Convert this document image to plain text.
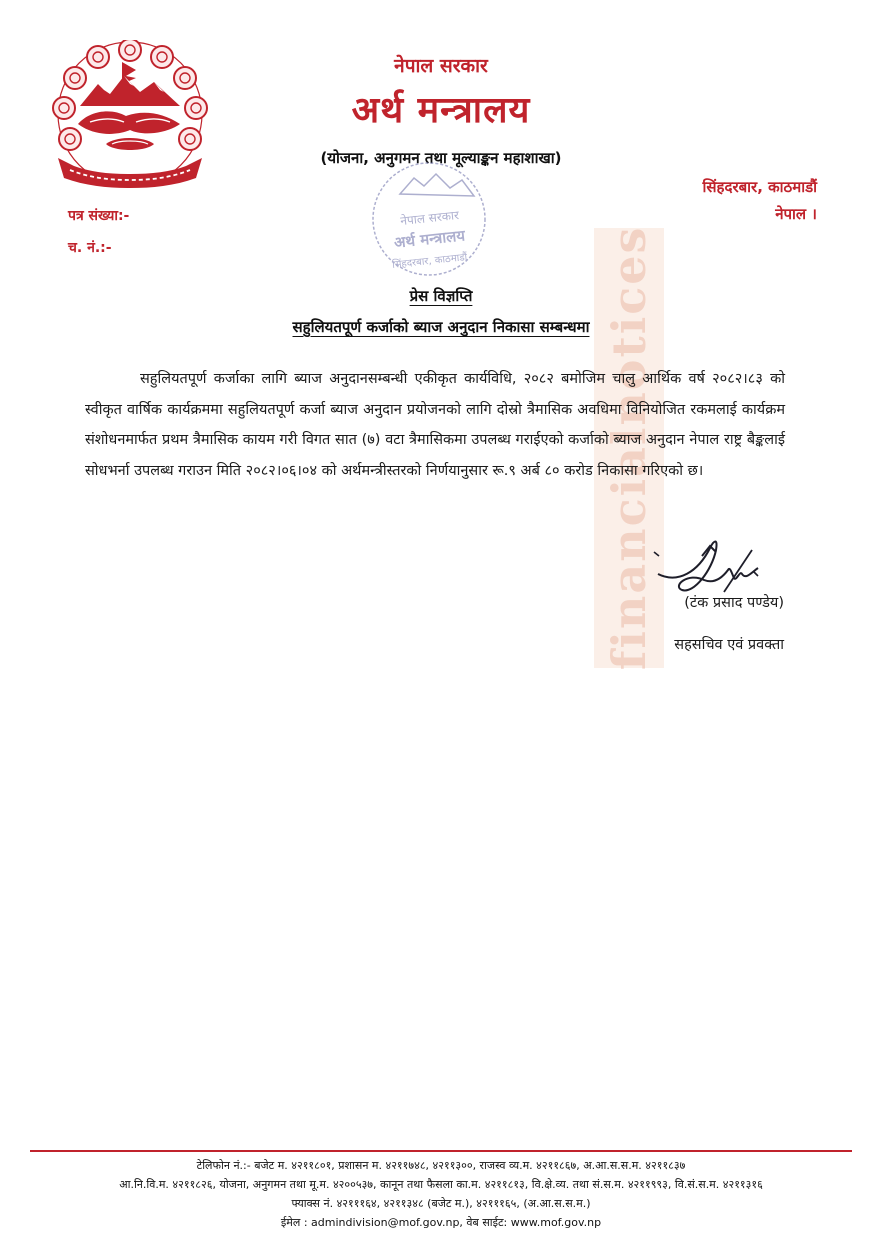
नेपाल सरकार
अर्थ मन्त्रालय
(योजना, अनुगमन तथा मूल्याङ्कन महाशाखा)
सिंहदरबार, काठमाडौं
नेपाल ।
पत्र संख्या:-
च. नं.:-
नेपाल सरकार
अर्थ मन्त्रालय
सिंहदरबार, काठमाडौं	financialnotices
प्रेस विज्ञप्ति
सहुलियतपूर्ण कर्जाको ब्याज अनुदान निकासा सम्बन्धमा

सहुलियतपूर्ण कर्जाका लागि ब्याज अनुदानसम्बन्धी एकीकृत कार्यविधि, २०८२ बमोजिम चालु आर्थिक वर्ष २०८२।८३ को स्वीकृत वार्षिक कार्यक्रममा सहुलियतपूर्ण कर्जा ब्याज अनुदान प्रयोजनको लागि दोस्रो त्रैमासिक अवधिमा विनियोजित रकमलाई कार्यक्रम संशोधनमार्फत प्रथम त्रैमासिक कायम गरी विगत सात (७) वटा त्रैमासिकमा उपलब्ध गराईएको कर्जाको ब्याज अनुदान नेपाल राष्ट्र बैङ्कलाई सोधभर्ना उपलब्ध गराउन मिति २०८२।०६।०४ को अर्थमन्त्रीस्तरको निर्णयानुसार रू.९ अर्ब ८० करोड निकासा गरिएको छ।

(टंक प्रसाद पण्डेय)
सहसचिव एवं प्रवक्ता
टेलिफोन नं.:- बजेट म. ४२११८०१, प्रशासन म. ४२११७४८, ४२११३००, राजस्व व्य.म. ४२११८६७, अ.आ.स.स.म. ४२११८३७
आ.नि.वि.म. ४२११८२६, योजना, अनुगमन तथा मू.म. ४२००५३७, कानून तथा फैसला का.म. ४२११८१३, वि.क्षे.व्य. तथा सं.स.म. ४२११९९३, वि.सं.स.म. ४२११३१६
फ्याक्स नं. ४२१११६४, ४२११३४८ (बजेट म.), ४२१११६५, (अ.आ.स.स.म.)
ईमेल : admindivision@mof.gov.np, वेब साईट: www.mof.gov.np
